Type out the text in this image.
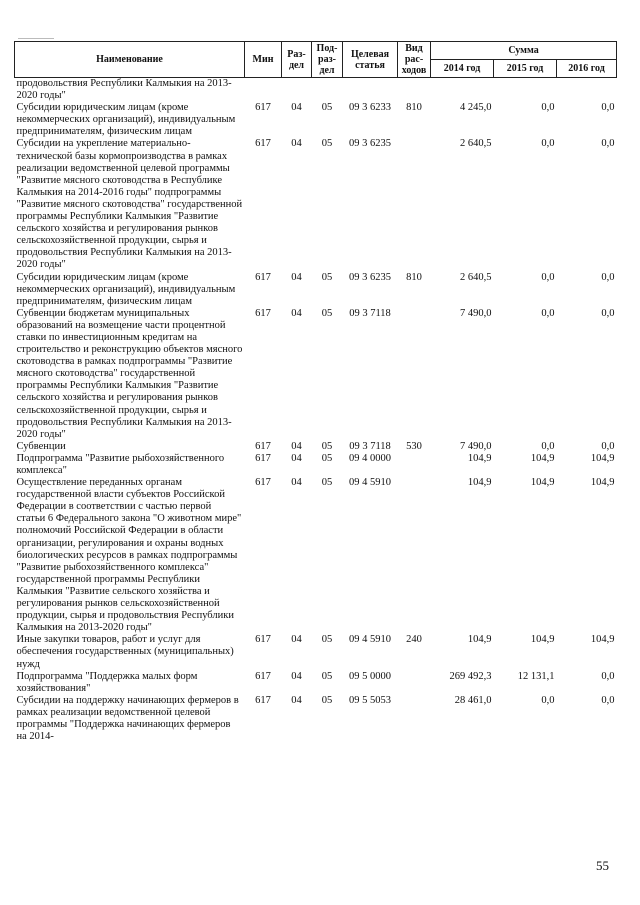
Наименование	Мин	Раз-дел	Под-раз-дел	Целевая статья	Вид рас-ходов	Сумма		
						2014 год	2015 год	2016 год
продовольствия Республики Калмыкия на 2013-2020 годы"								
Субсидии юридическим лицам (кроме некоммерческих организаций), индивидуальным предпринимателям, физическим лицам	617	04	05	09 3 6233	810	4 245,0	0,0	0,0
Субсидии на укрепление материально-технической базы кормопроизводства в рамках реализации ведомственной целевой программы "Развитие мясного скотоводства в Республике Калмыкия на 2014-2016 годы" подпрограммы "Развитие мясного скотоводства" государственной программы Республики Калмыкия "Развитие сельского хозяйства и регулирования рынков сельскохозяйственной продукции, сырья и продовольствия Республики Калмыкия на 2013-2020 годы"	617	04	05	09 3 6235		2 640,5	0,0	0,0
Субсидии юридическим лицам (кроме некоммерческих организаций), индивидуальным предпринимателям, физическим лицам	617	04	05	09 3 6235	810	2 640,5	0,0	0,0
Субвенции бюджетам муниципальных образований на возмещение части процентной ставки по инвестиционным кредитам на строительство и реконструкцию объектов мясного скотоводства в рамках подпрограммы "Развитие мясного скотоводства" государственной программы Республики Калмыкия "Развитие сельского хозяйства и регулирования рынков сельскохозяйственной продукции, сырья и продовольствия Республики Калмыкия на 2013-2020 годы"	617	04	05	09 3 7118		7 490,0	0,0	0,0
Субвенции	617	04	05	09 3 7118	530	7 490,0	0,0	0,0
Подпрограмма "Развитие рыбохозяйственного комплекса"	617	04	05	09 4 0000		104,9	104,9	104,9
Осуществление переданных органам государственной власти субъектов Российской Федерации в соответствии с частью первой статьи 6 Федерального закона "О животном мире" полномочий Российской Федерации в области организации, регулирования и охраны водных биологических ресурсов в рамках подпрограммы "Развитие рыбохозяйственного комплекса" государственной программы Республики Калмыкия "Развитие сельского хозяйства и регулирования рынков сельскохозяйственной продукции, сырья и продовольствия Республики Калмыкия на 2013-2020 годы"	617	04	05	09 4 5910		104,9	104,9	104,9
Иные закупки товаров, работ и услуг для обеспечения государственных (муниципальных) нужд	617	04	05	09 4 5910	240	104,9	104,9	104,9
Подпрограмма "Поддержка малых форм хозяйствования"	617	04	05	09 5 0000		269 492,3	12 131,1	0,0
Субсидии на поддержку начинающих фермеров в рамках реализации ведомственной целевой программы "Поддержка начинающих фермеров на 2014-	617	04	05	09 5 5053		28 461,0	0,0	0,0
55
